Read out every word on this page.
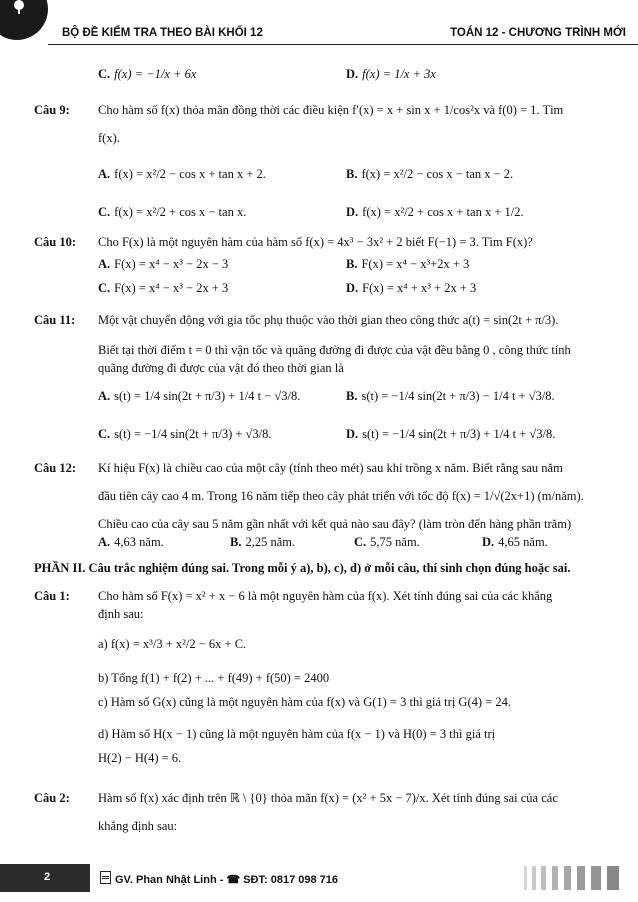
BỘ ĐỀ KIỂM TRA THEO BÀI KHỐI 12	TOÁN 12 - CHƯƠNG TRÌNH MỚI
C. f(x) = −1/x + 6x	D. f(x) = 1/x + 3x
Câu 9: Cho hàm số f(x) thỏa mãn đồng thời các điều kiện f′(x) = x + sin x + 1/cos²x và f(0) = 1. Tìm
f(x).
A. f(x) = x²/2 − cos x + tan x + 2.	B. f(x) = x²/2 − cos x − tan x − 2.
C. f(x) = x²/2 + cos x − tan x.	D. f(x) = x²/2 + cos x + tan x + 1/2.
Câu 10: Cho F(x) là một nguyên hàm của hàm số f(x) = 4x³ − 3x² + 2 biết F(−1) = 3. Tìm F(x)?
A. F(x) = x⁴ − x³ − 2x − 3	B. F(x) = x⁴ − x³+2x + 3
C. F(x) = x⁴ − x³ − 2x + 3	D. F(x) = x⁴ + x³ + 2x + 3
Câu 11: Một vật chuyển động với gia tốc phụ thuộc vào thời gian theo công thức a(t) = sin(2t + π/3).
Biết tại thời điểm t = 0 thì vận tốc và quãng đường đi được của vật đều bằng 0 , công thức tính
quãng đường đi được của vật đó theo thời gian là
A. s(t) = 1/4 sin(2t + π/3) + 1/4 t − √3/8.	B. s(t) = −1/4 sin(2t + π/3) − 1/4 t + √3/8.
C. s(t) = −1/4 sin(2t + π/3) + √3/8.	D. s(t) = −1/4 sin(2t + π/3) + 1/4 t + √3/8.
Câu 12: Kí hiệu F(x) là chiều cao của một cây (tính theo mét) sau khi trồng x năm. Biết rằng sau năm
đầu tiên cây cao 4 m. Trong 16 năm tiếp theo cây phát triển với tốc độ f(x) = 1/√(2x+1) (m/năm).
Chiều cao của cây sau 5 năm gần nhất với kết quả nào sau đây? (làm tròn đến hàng phần trăm)
A. 4,63 năm.	B. 2,25 năm.	C. 5,75 năm.	D. 4,65 năm.
PHẦN II. Câu trắc nghiệm đúng sai. Trong mỗi ý a), b), c), d) ở mỗi câu, thí sinh chọn đúng hoặc sai.
Câu 1: Cho hàm số F(x) = x² + x − 6 là một nguyên hàm của f(x). Xét tính đúng sai của các khẳng
định sau:
a) f(x) = x³/3 + x²/2 − 6x + C.
b) Tổng f(1) + f(2) + ... + f(49) + f(50) = 2400
c) Hàm số G(x) cũng là một nguyên hàm của f(x) và G(1) = 3 thì giá trị G(4) = 24.
d) Hàm số H(x − 1) cũng là một nguyên hàm của f(x − 1) và H(0) = 3 thì giá trị
H(2) − H(4) = 6.
Câu 2: Hàm số f(x) xác định trên ℝ \ {0} thỏa mãn f(x) = (x² + 5x − 7)/x. Xét tính đúng sai của các
khẳng định sau:
2	GV. Phan Nhật Linh - ☎ SĐT: 0817 098 716
